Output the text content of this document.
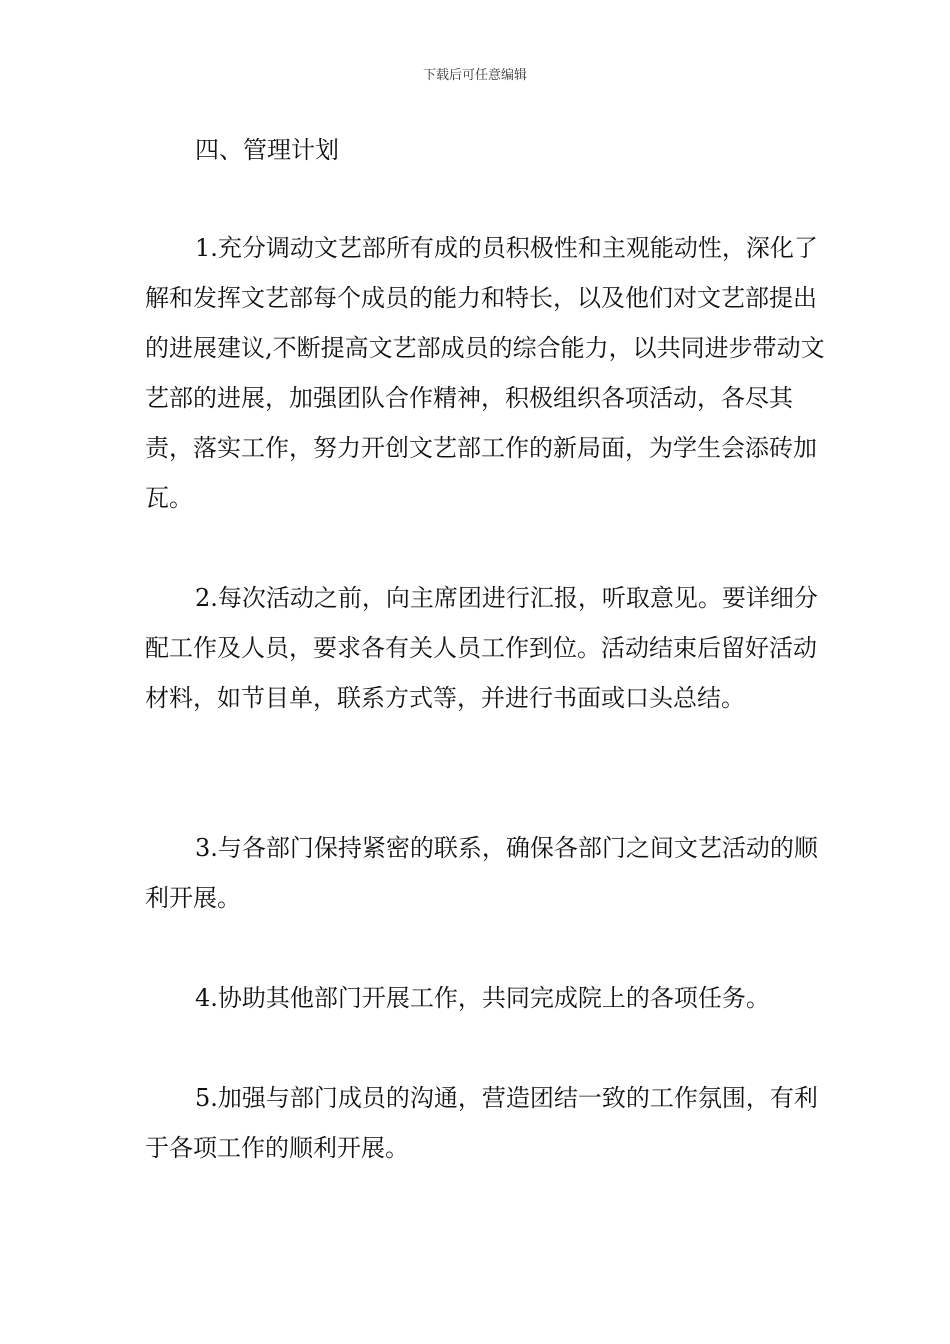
下载后可任意编辑
四、管理计划

1.充分调动文艺部所有成的员积极性和主观能动性，深化了解和发挥文艺部每个成员的能力和特长，以及他们对文艺部提出的进展建议,不断提高文艺部成员的综合能力，以共同进步带动文艺部的进展，加强团队合作精神，积极组织各项活动，各尽其责，落实工作，努力开创文艺部工作的新局面，为学生会添砖加瓦。

2.每次活动之前，向主席团进行汇报，听取意见。要详细分配工作及人员，要求各有关人员工作到位。活动结束后留好活动材料，如节目单，联系方式等，并进行书面或口头总结。

3.与各部门保持紧密的联系，确保各部门之间文艺活动的顺利开展。

4.协助其他部门开展工作，共同完成院上的各项任务。

5.加强与部门成员的沟通，营造团结一致的工作氛围，有利于各项工作的顺利开展。
